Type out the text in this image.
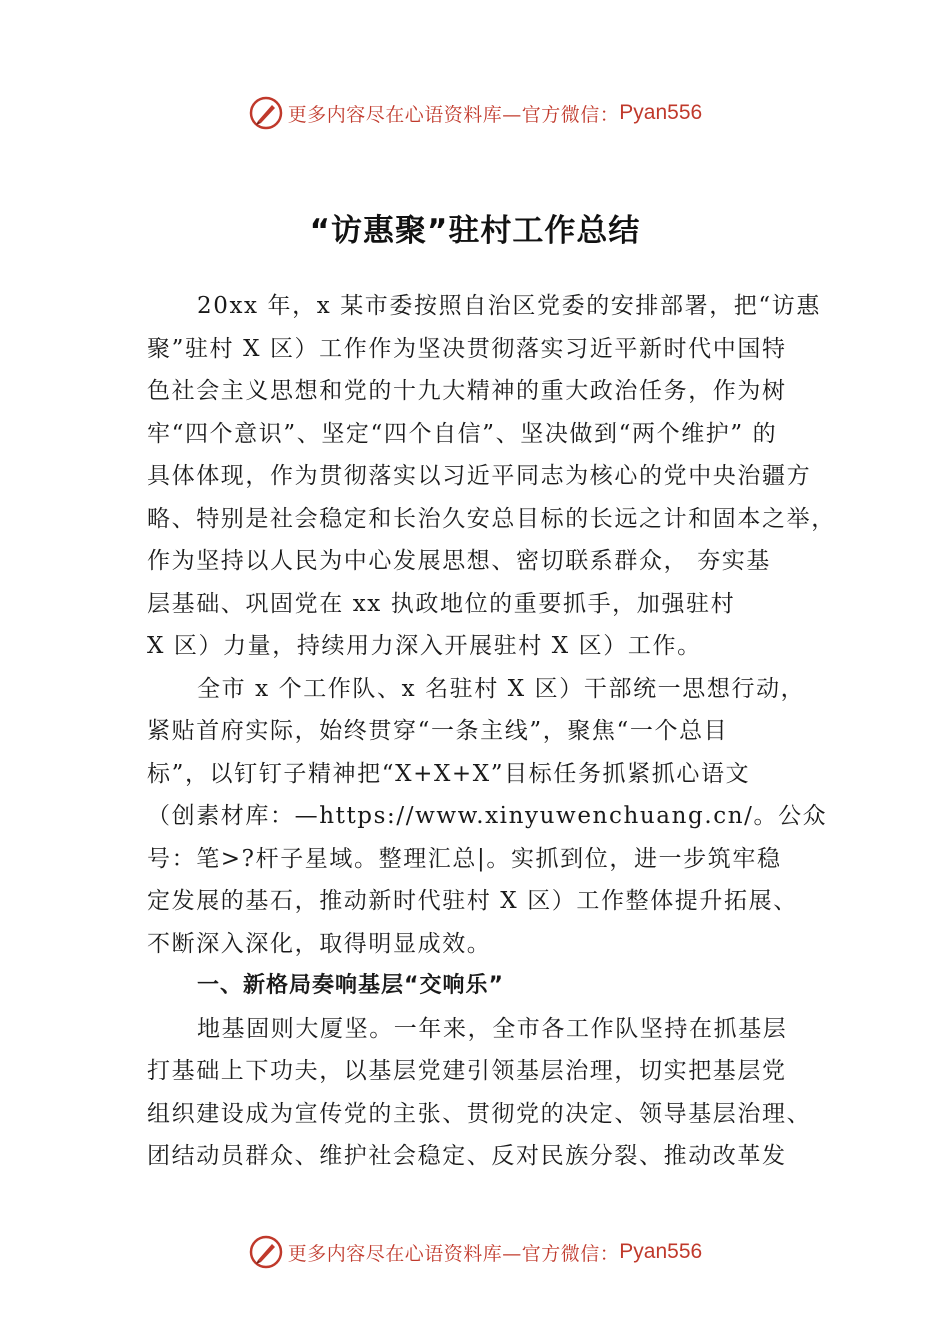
更多内容尽在心语资料库—官方微信： Pyan556
“访惠聚”驻村工作总结
20xx 年，x 某市委按照自治区党委的安排部署，把“访惠
聚”驻村 X 区）工作作为坚决贯彻落实习近平新时代中国特
色社会主义思想和党的十九大精神的重大政治任务，作为树
牢“四个意识”、坚定“四个自信”、坚决做到“两个维护” 的
具体体现，作为贯彻落实以习近平同志为核心的党中央治疆方
略、特别是社会稳定和长治久安总目标的长远之计和固本之举，
作为坚持以人民为中心发展思想、密切联系群众， 夯实基
层基础、巩固党在 xx 执政地位的重要抓手，加强驻村
X 区）力量，持续用力深入开展驻村 X 区）工作。
全市 x 个工作队、x 名驻村 X 区）干部统一思想行动，
紧贴首府实际，始终贯穿“一条主线”，聚焦“一个总目
标”，以钉钉子精神把“X+X+X”目标任务抓紧抓心语文
（创素材库：—https://www.xinyuwenchuang.cn/。公众
号：笔>?杆子星域。整理汇总|。实抓到位，进一步筑牢稳
定发展的基石，推动新时代驻村 X 区）工作整体提升拓展、
不断深入深化，取得明显成效。
一、新格局奏响基层“交响乐”
地基固则大厦坚。一年来，全市各工作队坚持在抓基层
打基础上下功夫，以基层党建引领基层治理，切实把基层党
组织建设成为宣传党的主张、贯彻党的决定、领导基层治理、
团结动员群众、维护社会稳定、反对民族分裂、推动改革发
更多内容尽在心语资料库—官方微信： Pyan556
